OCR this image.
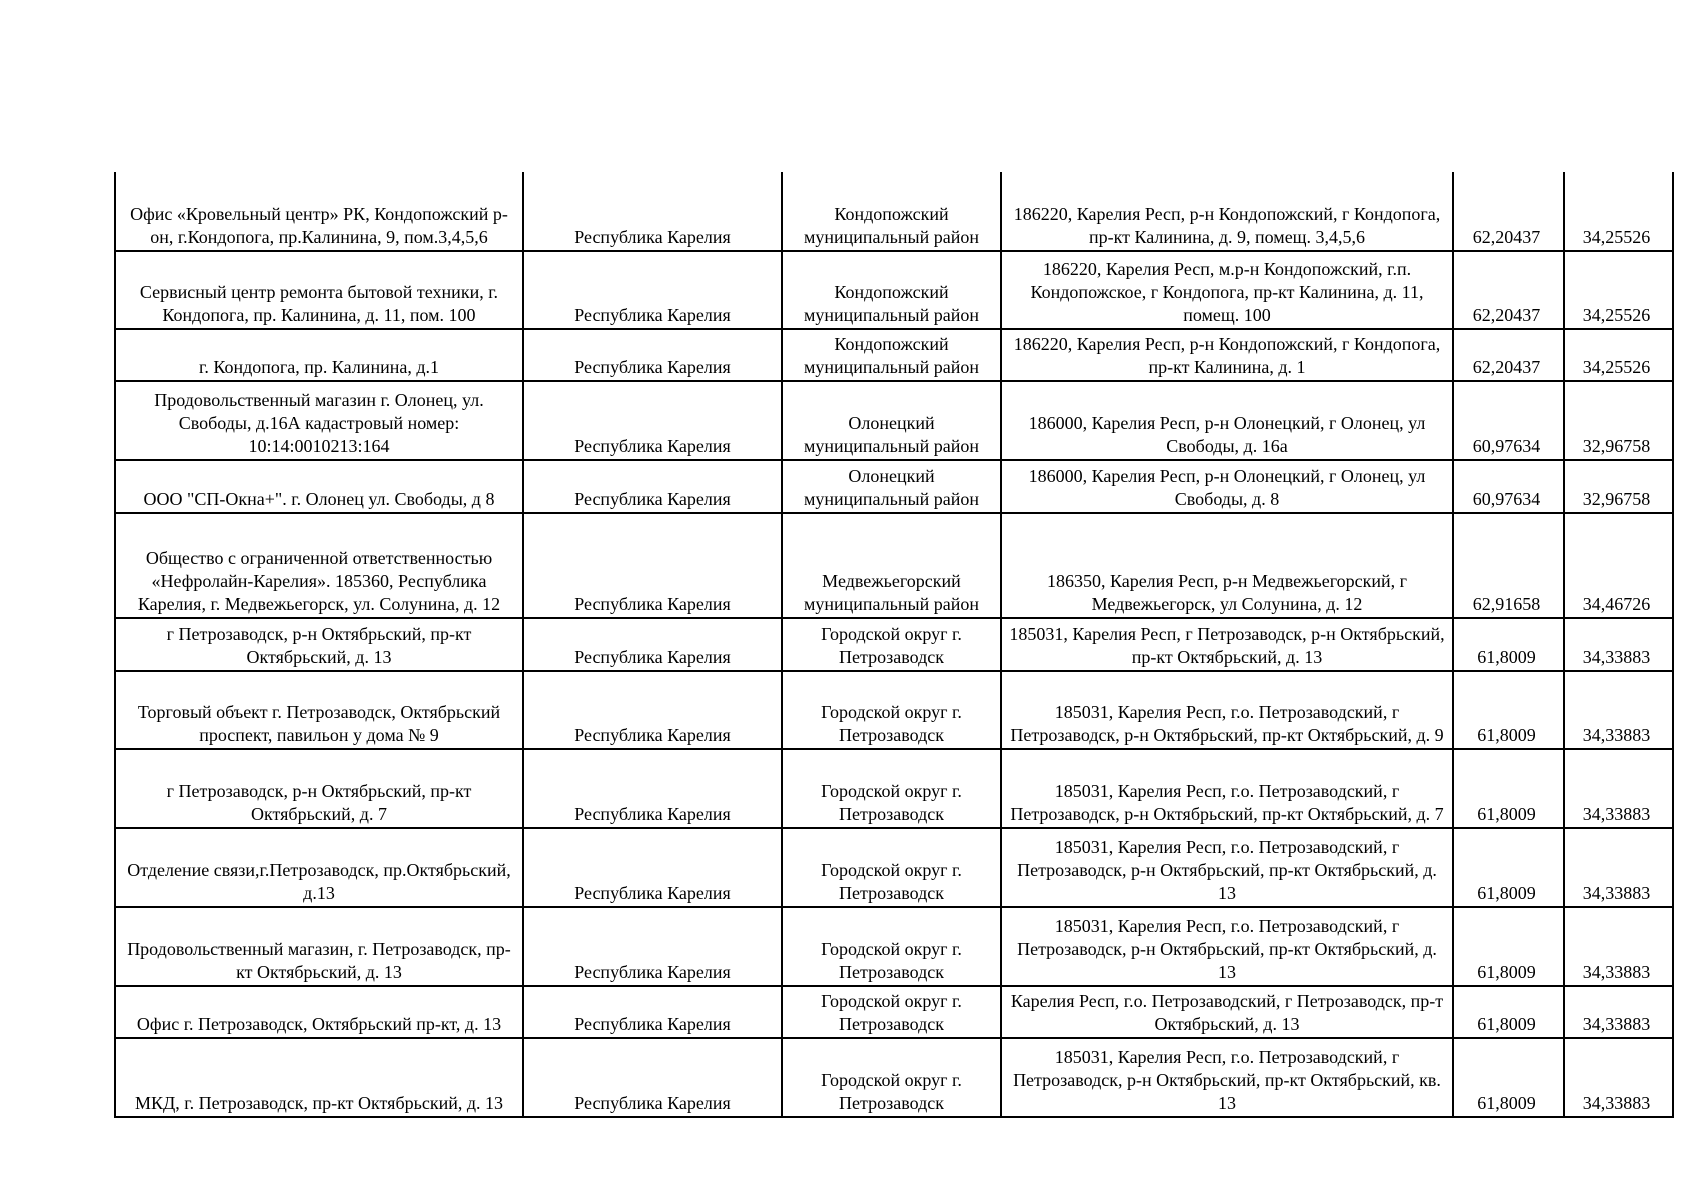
Офис «Кровельный центр» РК, Кондопожский р-он, г.Кондопога, пр.Калинина, 9, пом.3,4,5,6	Республика Карелия	Кондопожский муниципальный район	186220, Карелия Респ, р-н Кондопожский, г Кондопога, пр-кт Калинина, д. 9, помещ. 3,4,5,6	62,20437	34,25526
Сервисный центр ремонта бытовой техники, г. Кондопога, пр. Калинина, д. 11, пом. 100	Республика Карелия	Кондопожский муниципальный район	186220, Карелия Респ, м.р-н Кондопожский, г.п. Кондопожское, г Кондопога, пр-кт Калинина, д. 11, помещ. 100	62,20437	34,25526
г. Кондопога, пр. Калинина, д.1	Республика Карелия	Кондопожский муниципальный район	186220, Карелия Респ, р-н Кондопожский, г Кондопога, пр-кт Калинина, д. 1	62,20437	34,25526
Продовольственный магазин г. Олонец, ул. Свободы, д.16А кадастровый номер: 10:14:0010213:164	Республика Карелия	Олонецкий муниципальный район	186000, Карелия Респ, р-н Олонецкий, г Олонец, ул Свободы, д. 16а	60,97634	32,96758
ООО "СП-Окна+". г. Олонец ул. Свободы, д 8	Республика Карелия	Олонецкий муниципальный район	186000, Карелия Респ, р-н Олонецкий, г Олонец, ул Свободы, д. 8	60,97634	32,96758
Общество с ограниченной ответственностью «Нефролайн-Карелия». 185360, Республика Карелия, г. Медвежьегорск, ул. Солунина, д. 12	Республика Карелия	Медвежьегорский муниципальный район	186350, Карелия Респ, р-н Медвежьегорский, г Медвежьегорск, ул Солунина, д. 12	62,91658	34,46726
г Петрозаводск, р-н Октябрьский, пр-кт Октябрьский, д. 13	Республика Карелия	Городской округ г. Петрозаводск	185031, Карелия Респ, г Петрозаводск, р-н Октябрьский, пр-кт Октябрьский, д. 13	61,8009	34,33883
Торговый объект г. Петрозаводск, Октябрьский проспект, павильон у дома № 9	Республика Карелия	Городской округ г. Петрозаводск	185031, Карелия Респ, г.о. Петрозаводский, г Петрозаводск, р-н Октябрьский, пр-кт Октябрьский, д. 9	61,8009	34,33883
г Петрозаводск, р-н Октябрьский, пр-кт Октябрьский, д. 7	Республика Карелия	Городской округ г. Петрозаводск	185031, Карелия Респ, г.о. Петрозаводский, г Петрозаводск, р-н Октябрьский, пр-кт Октябрьский, д. 7	61,8009	34,33883
Отделение связи,г.Петрозаводск, пр.Октябрьский, д.13	Республика Карелия	Городской округ г. Петрозаводск	185031, Карелия Респ, г.о. Петрозаводский, г Петрозаводск, р-н Октябрьский, пр-кт Октябрьский, д. 13	61,8009	34,33883
Продовольственный магазин, г. Петрозаводск, пр-кт Октябрьский, д. 13	Республика Карелия	Городской округ г. Петрозаводск	185031, Карелия Респ, г.о. Петрозаводский, г Петрозаводск, р-н Октябрьский, пр-кт Октябрьский, д. 13	61,8009	34,33883
Офис г. Петрозаводск, Октябрьский пр-кт, д. 13	Республика Карелия	Городской округ г. Петрозаводск	Карелия Респ, г.о. Петрозаводский, г Петрозаводск, пр-т Октябрьский, д. 13	61,8009	34,33883
МКД, г. Петрозаводск, пр-кт Октябрьский, д. 13	Республика Карелия	Городской округ г. Петрозаводск	185031, Карелия Респ, г.о. Петрозаводский, г Петрозаводск, р-н Октябрьский, пр-кт Октябрьский, кв. 13	61,8009	34,33883
